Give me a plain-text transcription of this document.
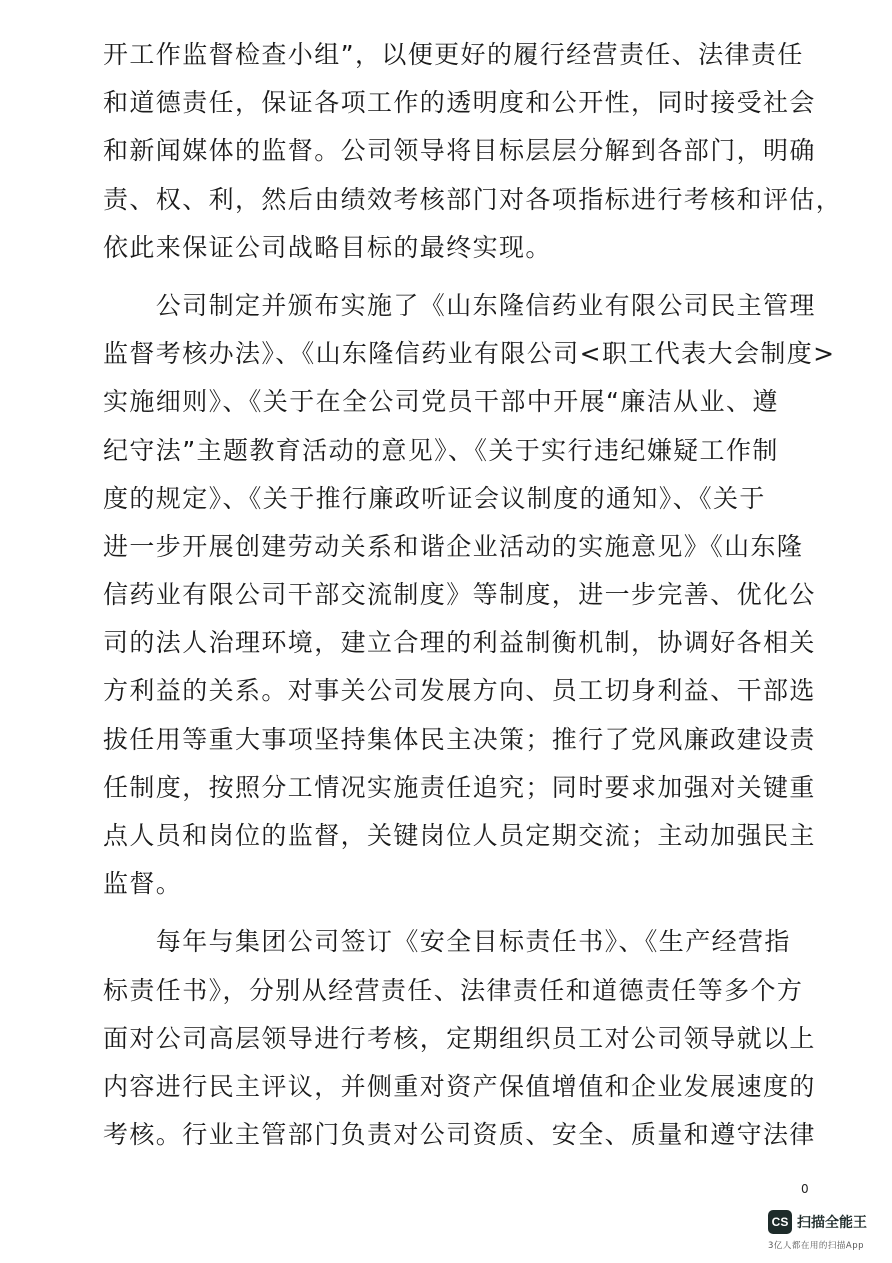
开工作监督检查小组”，以便更好的履行经营责任、法律责任
和道德责任，保证各项工作的透明度和公开性，同时接受社会
和新闻媒体的监督。公司领导将目标层层分解到各部门，明确
责、权、利，然后由绩效考核部门对各项指标进行考核和评估，
依此来保证公司战略目标的最终实现。
　　公司制定并颁布实施了《山东隆信药业有限公司民主管理
监督考核办法》、《山东隆信药业有限公司<职工代表大会制度>
实施细则》、《关于在全公司党员干部中开展“廉洁从业、遵
纪守法”主题教育活动的意见》、《关于实行违纪嫌疑工作制
度的规定》、《关于推行廉政听证会议制度的通知》、《关于
进一步开展创建劳动关系和谐企业活动的实施意见》《山东隆
信药业有限公司干部交流制度》等制度，进一步完善、优化公
司的法人治理环境，建立合理的利益制衡机制，协调好各相关
方利益的关系。对事关公司发展方向、员工切身利益、干部选
拔任用等重大事项坚持集体民主决策；推行了党风廉政建设责
任制度，按照分工情况实施责任追究；同时要求加强对关键重
点人员和岗位的监督，关键岗位人员定期交流；主动加强民主
监督。
　　每年与集团公司签订《安全目标责任书》、《生产经营指
标责任书》，分别从经营责任、法律责任和道德责任等多个方
面对公司高层领导进行考核，定期组织员工对公司领导就以上
内容进行民主评议，并侧重对资产保值增值和企业发展速度的
考核。行业主管部门负责对公司资质、安全、质量和遵守法律
0
CS 扫描全能王
3亿人都在用的扫描App
